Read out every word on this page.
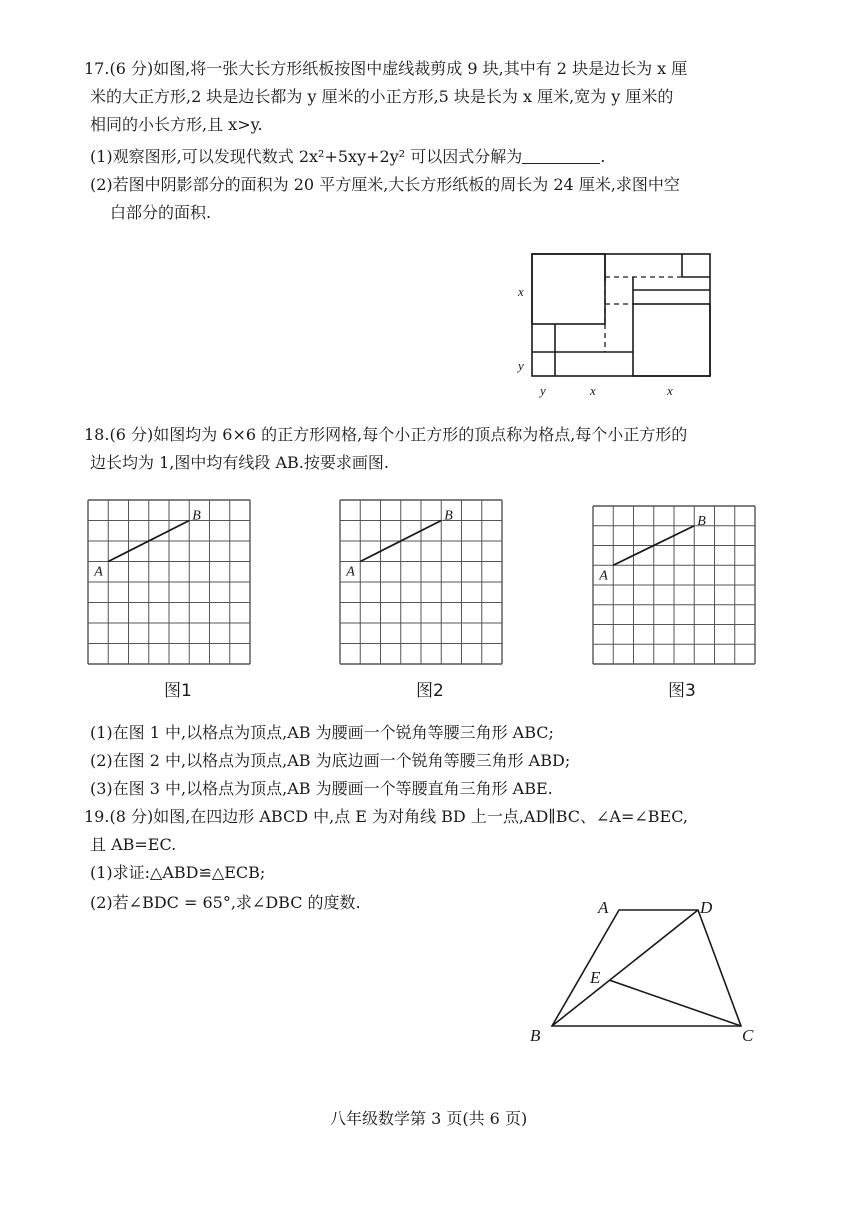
17.(6 分)如图,将一张大长方形纸板按图中虚线裁剪成 9 块,其中有 2 块是边长为 x 厘
米的大正方形,2 块是边长都为 y 厘米的小正方形,5 块是长为 x 厘米,宽为 y 厘米的
相同的小长方形,且 x>y.
(1)观察图形,可以发现代数式 2x²+5xy+2y² 可以因式分解为	.
(2)若图中阴影部分的面积为 20 平方厘米,大长方形纸板的周长为 24 厘米,求图中空
白部分的面积.
x
y
y	x	x
18.(6 分)如图均为 6×6 的正方形网格,每个小正方形的顶点称为格点,每个小正方形的
边长均为 1,图中均有线段 AB.按要求画图.
A
B
A
B
A
B
图1	图2	图3
(1)在图 1 中,以格点为顶点,AB 为腰画一个锐角等腰三角形 ABC;
(2)在图 2 中,以格点为顶点,AB 为底边画一个锐角等腰三角形 ABD;
(3)在图 3 中,以格点为顶点,AB 为腰画一个等腰直角三角形 ABE.
19.(8 分)如图,在四边形 ABCD 中,点 E 为对角线 BD 上一点,AD∥BC、∠A=∠BEC,
且 AB=EC.
(1)求证:△ABD≌△ECB;
(2)若∠BDC = 65°,求∠DBC 的度数.	A	D
E
B	C
八年级数学第 3 页(共 6 页)
